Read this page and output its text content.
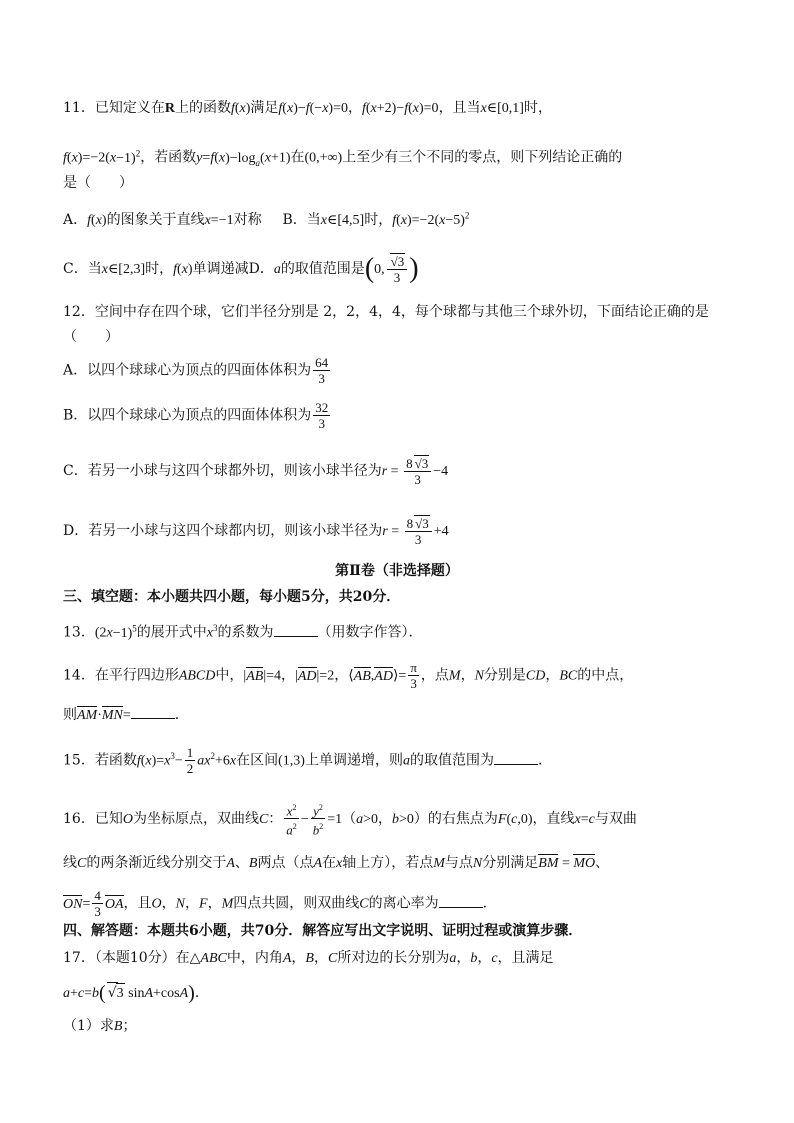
11．已知定义在R上的函数f(x)满足f(x)−f(−x)=0，f(x+2)−f(x)=0，且当x∈[0,1]时，
$f(x)=-2(x-1)^2$，若函数$y=f(x)-\log_a(x+1)$在(0,+∞)上至少有三个不同的零点，则下列结论正确的
是（　　）
A．f(x)的图象关于直线x=−1对称 B．当x∈[4,5]时，$f(x)=-2(x-5)^2$
C．当x∈[2,3]时，f(x)单调递减D．a的取值范围是(0, $\frac{√3}{3}$ )
12．空间中存在四个球，它们半径分别是 2，2，4，4，每个球都与其他三个球外切，下面结论正确的是
（　　）
A．以四个球球心为顶点的四面体体积为 $\frac{64}{3}$
B．以四个球球心为顶点的四面体体积为 $\frac{32}{3}$
C．若另一小球与这四个球都外切，则该小球半径为$r = \frac{8 √3}{3} -4$
D．若另一小球与这四个球都内切，则该小球半径为$r = \frac{8 √3}{3} +4$
第Ⅱ卷（非选择题）
三、填空题：本小题共四小题，每小题5分，共20分．
13．$(2x-1)^5$的展开式中$x^3$的系数为	（用数字作答）．
14．在平行四边形ABCD中，|AB|=4，|AD|=2，⟨AB,AD⟩= $\frac{\pi}{3}$ ，点M，N分别是CD，BC的中点，
则AM·MN=	．
15．若函数$f(x)=x^3- \frac{1}{2} ax^2+6x$在区间(1,3)上单调递增，则a的取值范围为	．
16．已知O为坐标原点，双曲线C： $\frac{x^2}{a^2} - \frac{y^2}{b^2} =1(a>0$，b>0）的右焦点为F(c,0)，直线x=c与双曲
线C的两条渐近线分别交于A、B两点（点A在x轴上方），若点M与点N分别满足BM = MO、
$ON= \frac{4}{3}$ OA，且O，N，F，M四点共圆，则双曲线C的离心率为	．
四、解答题：本题共6小题，共70分．解答应写出文字说明、证明过程或演算步骤．
17．（本题10分）在△ABC中，内角A，B，C所对边的长分别为a，b，c，且满足
a+c=b( √3 sinA+cosA)．
（1）求B；
